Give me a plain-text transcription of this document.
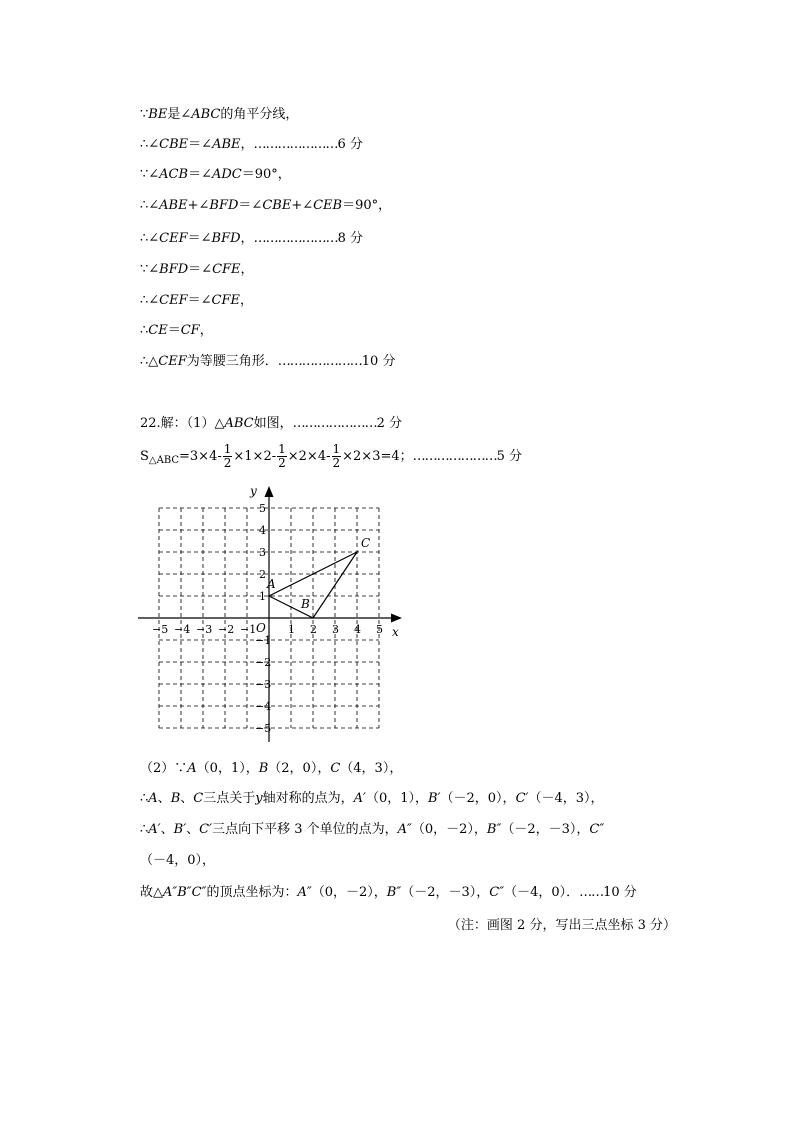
∵BE是∠ABC的角平分线，
∴∠CBE＝∠ABE，…………………6 分
∵∠ACB＝∠ADC＝90°，
∴∠ABE+∠BFD＝∠CBE+∠CEB＝90°，
∴∠CEF＝∠BFD，…………………8 分
∵∠BFD＝∠CFE，
∴∠CEF＝∠CFE，
∴CE＝CF，
∴△CEF为等腰三角形．…………………10 分
22.解：（1）△ABC如图，…………………2 分
$S_{\triangle ABC}=3\times 4- \frac{1}{2} \times 1\times 2- \frac{1}{2} \times 2\times 4- \frac{1}{2} \times 2\times 3=4$；…………………5 分
x
y
O
−5 −4 −3 −2 −1	1 2 3 4 5
5
4
3
2
1
−1
−2
−3
−4
−5
A
B
C
（2）∵A（0，1），B（2，0），C（4，3），
∴A、B、C三点关于y轴对称的点为，A′（0，1），B′（－2，0），C′（－4，3），
∴A′、B′、C′三点向下平移 3 个单位的点为，A″（0，－2），B″（－2，－3），C″
（－4，0），
故△A″B″C″的顶点坐标为：A″（0，－2），B″（－2，－3），C″（－4，0）．……10 分
（注：画图 2 分，写出三点坐标 3 分）
